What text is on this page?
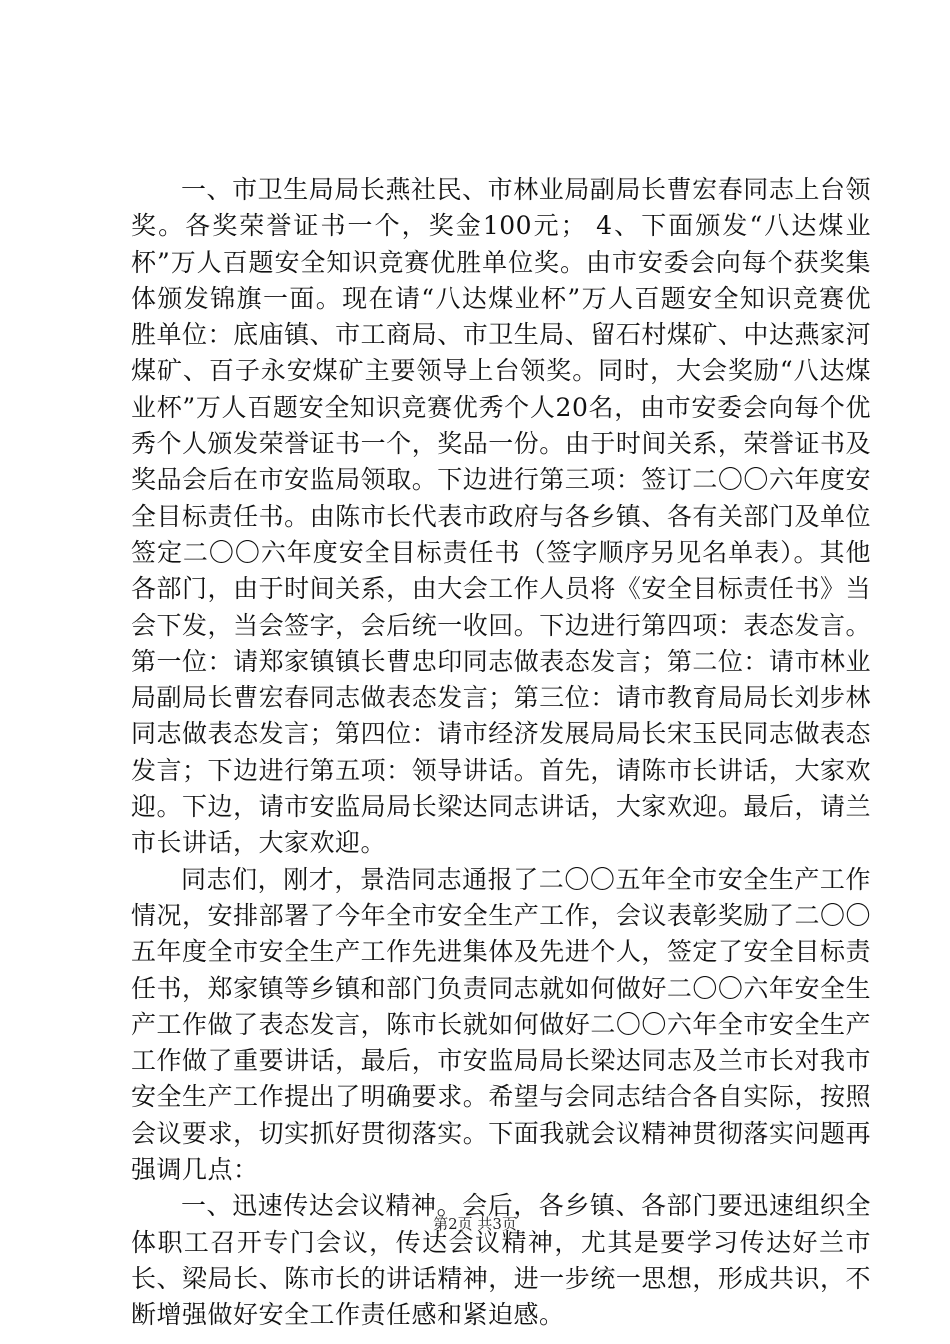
一、市卫生局局长燕社民、市林业局副局长曹宏春同志上台领奖。各奖荣誉证书一个，奖金100元； 4、下面颁发“八达煤业杯”万人百题安全知识竞赛优胜单位奖。由市安委会向每个获奖集体颁发锦旗一面。现在请“八达煤业杯”万人百题安全知识竞赛优胜单位：底庙镇、市工商局、市卫生局、留石村煤矿、中达燕家河煤矿、百子永安煤矿主要领导上台领奖。同时，大会奖励“八达煤业杯”万人百题安全知识竞赛优秀个人20名，由市安委会向每个优秀个人颁发荣誉证书一个，奖品一份。由于时间关系，荣誉证书及奖品会后在市安监局领取。下边进行第三项：签订二〇〇六年度安全目标责任书。由陈市长代表市政府与各乡镇、各有关部门及单位签定二〇〇六年度安全目标责任书（签字顺序另见名单表）。其他各部门，由于时间关系，由大会工作人员将《安全目标责任书》当会下发，当会签字，会后统一收回。下边进行第四项：表态发言。第一位：请郑家镇镇长曹忠印同志做表态发言；第二位：请市林业局副局长曹宏春同志做表态发言；第三位：请市教育局局长刘步林同志做表态发言；第四位：请市经济发展局局长宋玉民同志做表态发言；下边进行第五项：领导讲话。首先，请陈市长讲话，大家欢迎。下边，请市安监局局长梁达同志讲话，大家欢迎。最后，请兰市长讲话，大家欢迎。

同志们，刚才，景浩同志通报了二〇〇五年全市安全生产工作情况，安排部署了今年全市安全生产工作，会议表彰奖励了二〇〇五年度全市安全生产工作先进集体及先进个人，签定了安全目标责任书，郑家镇等乡镇和部门负责同志就如何做好二〇〇六年安全生产工作做了表态发言，陈市长就如何做好二〇〇六年全市安全生产工作做了重要讲话，最后，市安监局局长梁达同志及兰市长对我市安全生产工作提出了明确要求。希望与会同志结合各自实际，按照会议要求，切实抓好贯彻落实。下面我就会议精神贯彻落实问题再强调几点：

一、迅速传达会议精神。会后，各乡镇、各部门要迅速组织全体职工召开专门会议，传达会议精神，尤其是要学习传达好兰市长、梁局长、陈市长的讲话精神，进一步统一思想，形成共识，不断增强做好安全工作责任感和紧迫感。

第2页 共3页
